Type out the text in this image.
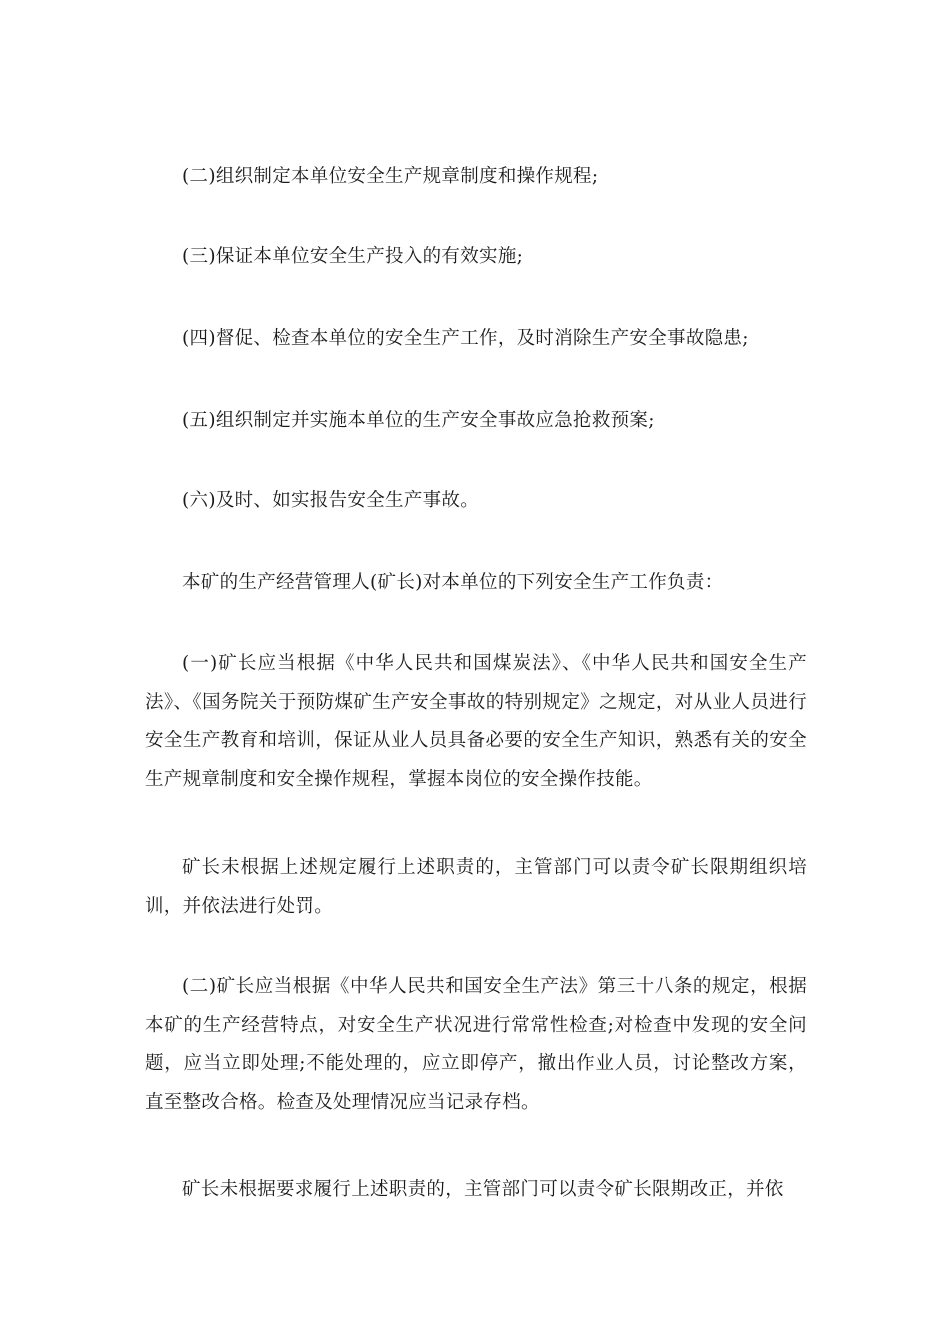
(二)组织制定本单位安全生产规章制度和操作规程;

(三)保证本单位安全生产投入的有效实施;

(四)督促、检查本单位的安全生产工作，及时消除生产安全事故隐患;

(五)组织制定并实施本单位的生产安全事故应急抢救预案;

(六)及时、如实报告安全生产事故。

本矿的生产经营管理人(矿长)对本单位的下列安全生产工作负责：

(一)矿长应当根据《中华人民共和国煤炭法》、《中华人民共和国安全生产法》、《国务院关于预防煤矿生产安全事故的特别规定》之规定，对从业人员进行安全生产教育和培训，保证从业人员具备必要的安全生产知识，熟悉有关的安全生产规章制度和安全操作规程，掌握本岗位的安全操作技能。

矿长未根据上述规定履行上述职责的，主管部门可以责令矿长限期组织培训，并依法进行处罚。

(二)矿长应当根据《中华人民共和国安全生产法》第三十八条的规定，根据本矿的生产经营特点，对安全生产状况进行常常性检查;对检查中发现的安全问题，应当立即处理;不能处理的，应立即停产，撤出作业人员，讨论整改方案，直至整改合格。检查及处理情况应当记录存档。

矿长未根据要求履行上述职责的，主管部门可以责令矿长限期改正，并依
